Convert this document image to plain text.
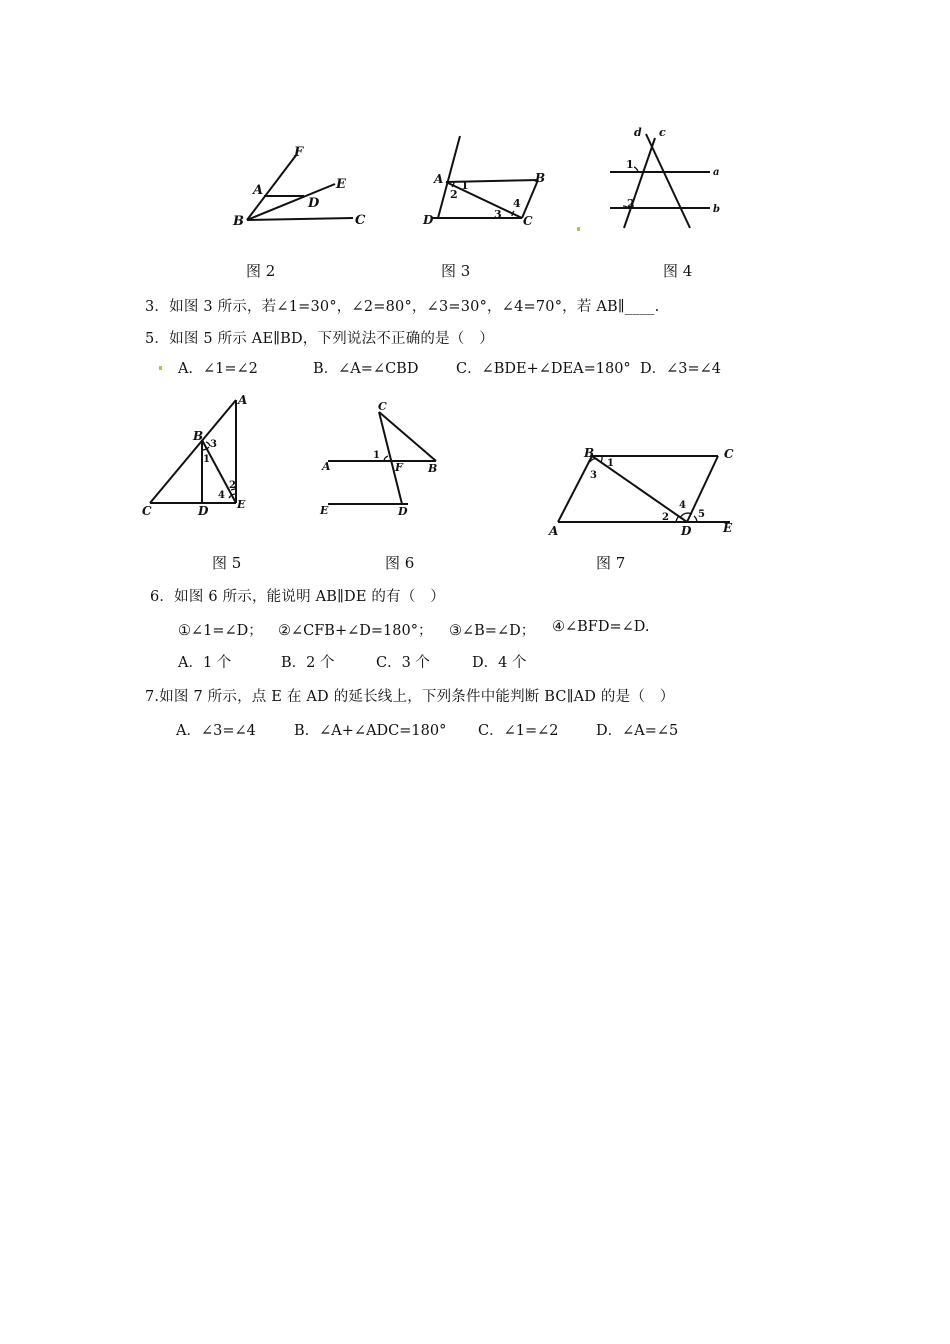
F
E
A
D
B	C
图 2
A	B
D	C
1
2
3
4
图 3
d c
a
b
1
2
图 4
3．如图 3 所示，若∠1=30°，∠2=80°，∠3=30°，∠4=70°，若 AB∥____.
5．如图 5 所示 AE∥BD，下列说法不正确的是（　）
A．∠1=∠2	B．∠A=∠CBD	C．∠BDE+∠DEA=180° D．∠3=∠4
A
B
C	D	E
1
2
3
4
图 5
C
A	F B
E	D
1
图 6
B	C
A	D	E
1
2
3
4
5
图 7
6．如图 6 所示，能说明 AB∥DE 的有（　）
①∠1=∠D； ②∠CFB+∠D=180°； ③∠B=∠D； ④∠BFD=∠D.
A．1 个	B．2 个	C．3 个	D．4 个
7.如图 7 所示，点 E 在 AD 的延长线上，下列条件中能判断 BC∥AD 的是（　）
A．∠3=∠4	B．∠A+∠ADC=180° C．∠1=∠2	D．∠A=∠5
